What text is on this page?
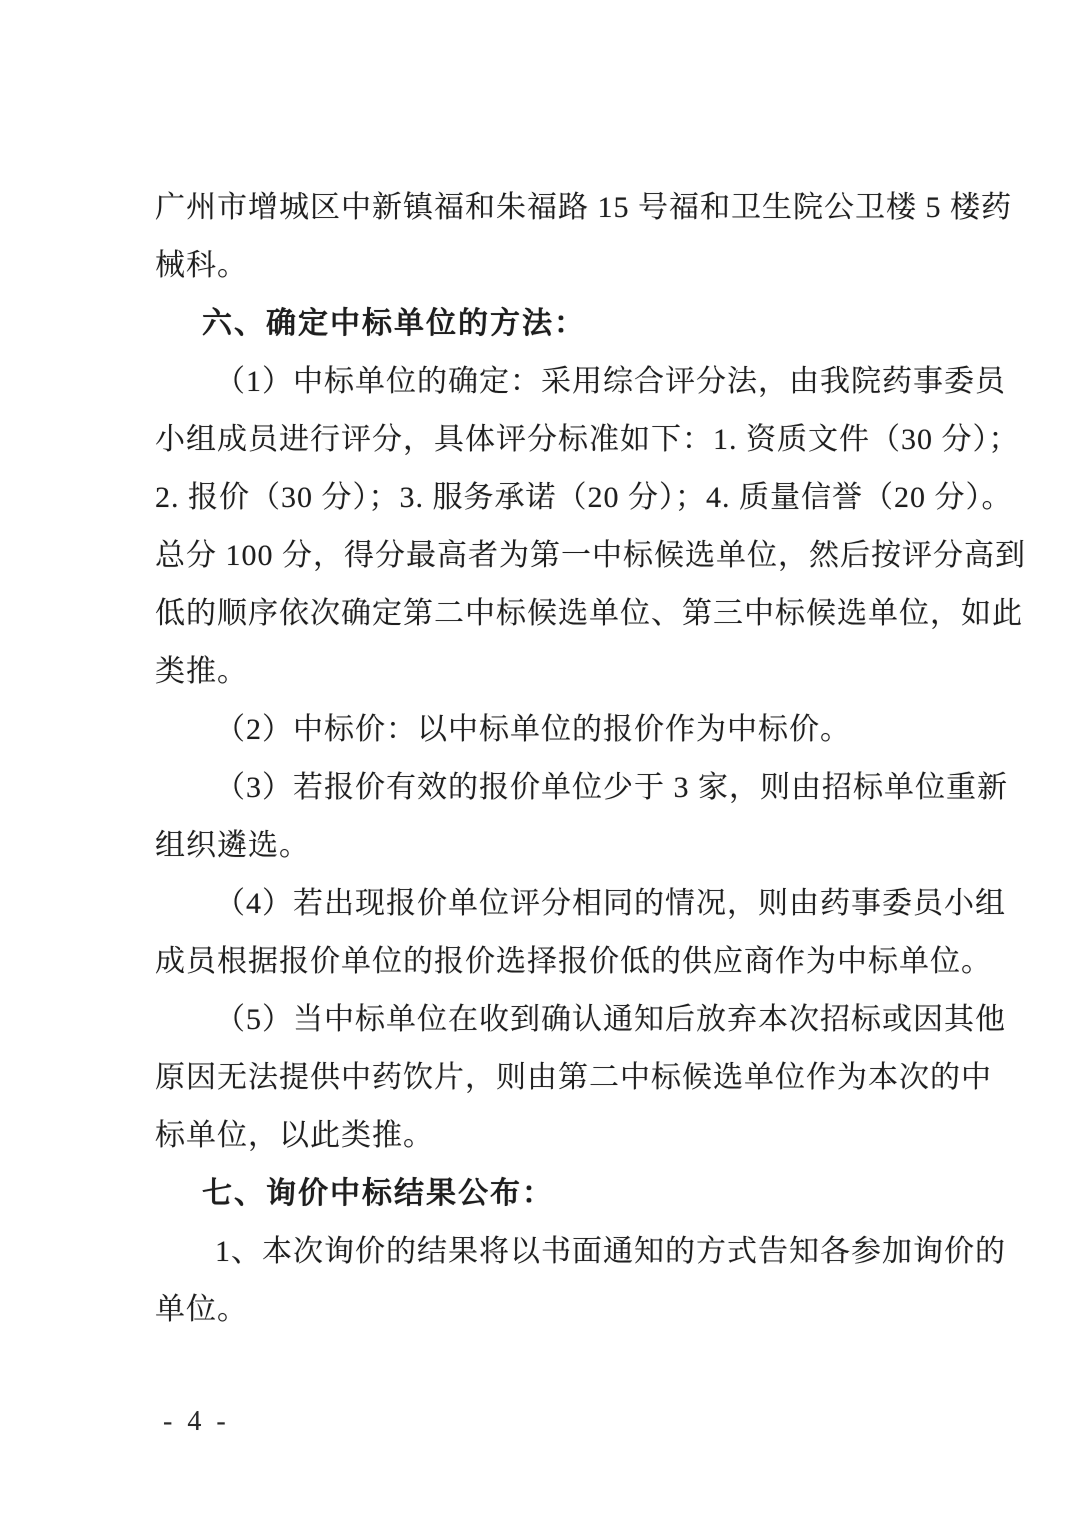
广州市增城区中新镇福和朱福路 15 号福和卫生院公卫楼 5 楼药
械科。
六、确定中标单位的方法：
（1）中标单位的确定：采用综合评分法，由我院药事委员
小组成员进行评分，具体评分标准如下：1. 资质文件（30 分）；
2. 报价（30 分）；3. 服务承诺（20 分）；4. 质量信誉（20 分）。
总分 100 分，得分最高者为第一中标候选单位，然后按评分高到
低的顺序依次确定第二中标候选单位、第三中标候选单位，如此
类推。
（2）中标价：以中标单位的报价作为中标价。
（3）若报价有效的报价单位少于 3 家，则由招标单位重新
组织遴选。
（4）若出现报价单位评分相同的情况，则由药事委员小组
成员根据报价单位的报价选择报价低的供应商作为中标单位。
（5）当中标单位在收到确认通知后放弃本次招标或因其他
原因无法提供中药饮片，则由第二中标候选单位作为本次的中
标单位，以此类推。
七、询价中标结果公布：
1、本次询价的结果将以书面通知的方式告知各参加询价的
单位。
- 4 -
